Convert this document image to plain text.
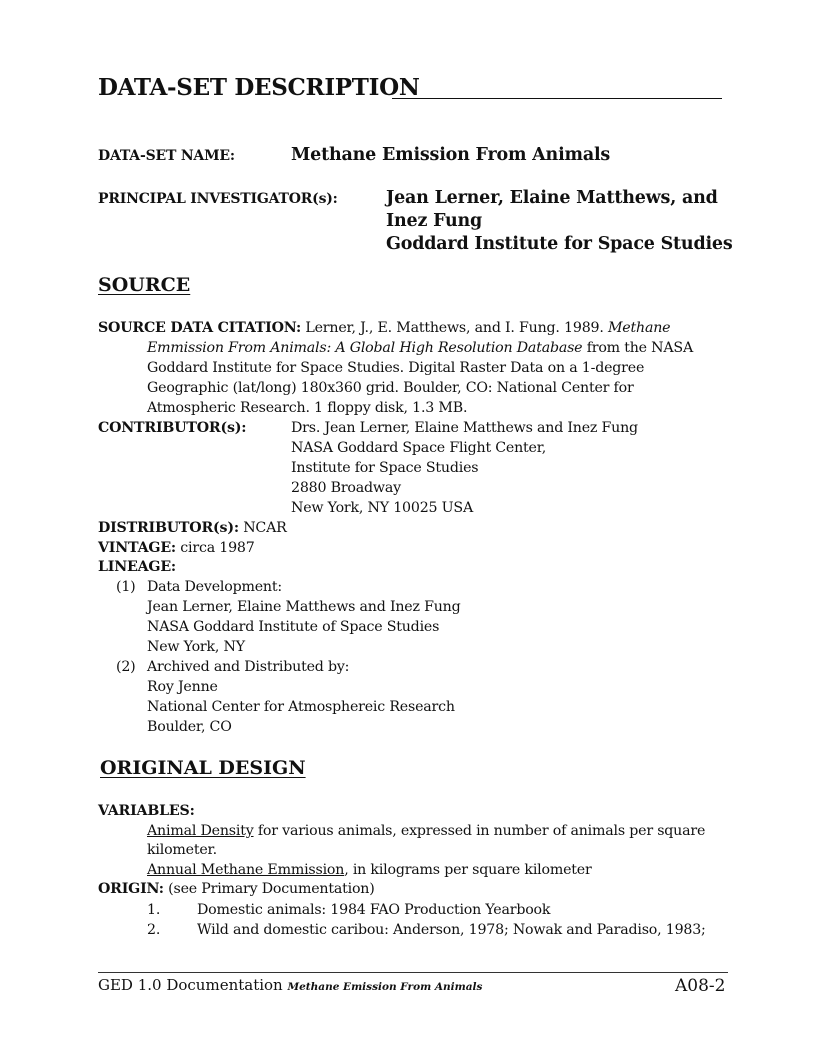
DATA-SET DESCRIPTION
DATA-SET NAME:	Methane Emission From Animals
PRINCIPAL INVESTIGATOR(s):	Jean Lerner, Elaine Matthews, and
Inez Fung
Goddard Institute for Space Studies
SOURCE
SOURCE DATA CITATION: Lerner, J., E. Matthews, and I. Fung. 1989. Methane
Emmission From Animals: A Global High Resolution Database from the NASA
Goddard Institute for Space Studies. Digital Raster Data on a 1-degree
Geographic (lat/long) 180x360 grid. Boulder, CO: National Center for
Atmospheric Research. 1 floppy disk, 1.3 MB.
CONTRIBUTOR(s):	Drs. Jean Lerner, Elaine Matthews and Inez Fung
NASA Goddard Space Flight Center,
Institute for Space Studies
2880 Broadway
New York, NY 10025 USA
DISTRIBUTOR(s): NCAR
VINTAGE: circa 1987
LINEAGE:
(1) Data Development:
Jean Lerner, Elaine Matthews and Inez Fung
NASA Goddard Institute of Space Studies
New York, NY
(2) Archived and Distributed by:
Roy Jenne
National Center for Atmosphereic Research
Boulder, CO
ORIGINAL DESIGN
VARIABLES:
Animal Density for various animals, expressed in number of animals per square
kilometer.
Annual Methane Emmission, in kilograms per square kilometer
ORIGIN: (see Primary Documentation)
1.	Domestic animals: 1984 FAO Production Yearbook
2.	Wild and domestic caribou: Anderson, 1978; Nowak and Paradiso, 1983;
GED 1.0 Documentation Methane Emission From Animals	A08-2
